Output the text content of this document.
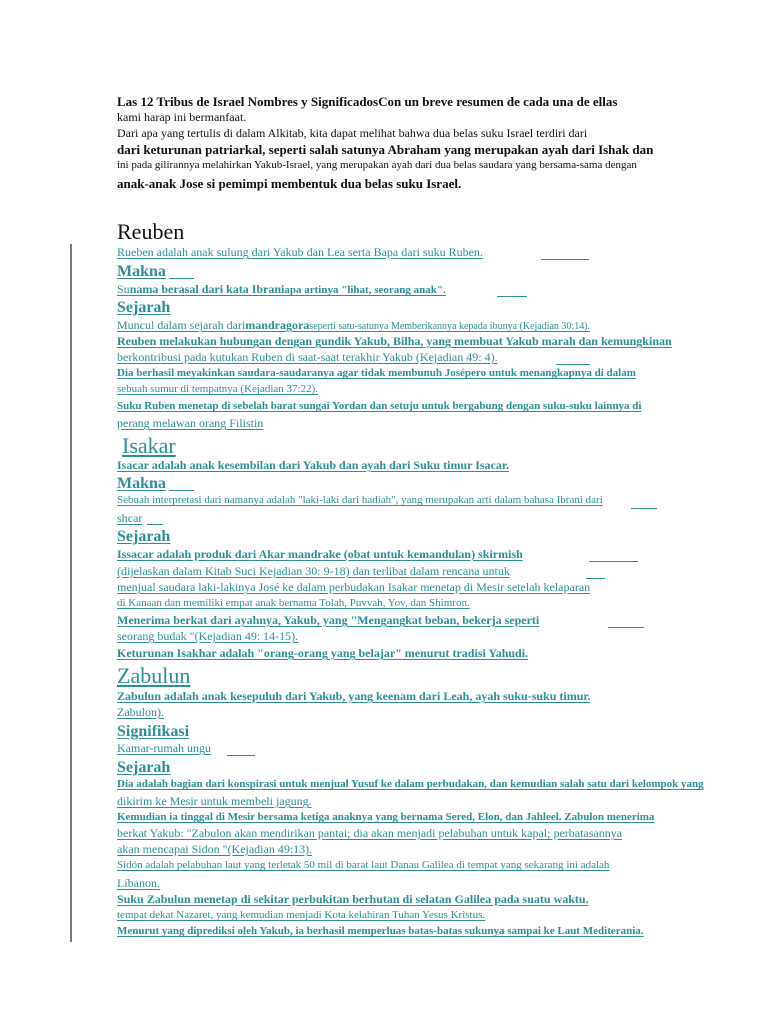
Las 12 Tribus de Israel Nombres y SignificadosCon un breve resumen de cada una de ellas
kami harap ini bermanfaat.
Dari apa yang tertulis di dalam Alkitab, kita dapat melihat bahwa dua belas suku Israel terdiri dari
dari keturunan patriarkal, seperti salah satunya Abraham yang merupakan ayah dari Ishak dan
ini pada gilirannya melahirkan Yakub-Israel, yang merupakan ayah dari dua belas saudara yang bersama-sama dengan
anak-anak Jose si pemimpi membentuk dua belas suku Israel.
Reuben
Rueben adalah anak sulung dari Yakub dan Lea serta Bapa dari suku Ruben.
Makna
Sunama berasal dari kata Ibraniapa artinya "lihat, seorang anak".
Sejarah
Muncul dalam sejarah darimandragoraseperti satu-satunya Memberikannya kepada ibunya (Kejadian 30:14).
Reuben melakukan hubungan dengan gundik Yakub, Bilha, yang membuat Yakub marah dan kemungkinan
berkontribusi pada kutukan Ruben di saat-saat terakhir Yakub (Kejadian 49: 4).
Dia berhasil meyakinkan saudara-saudaranya agar tidak membunuh Josépero untuk menangkapnya di dalam
sebuah sumur di tempatnya (Kejadian 37:22).
Suku Ruben menetap di sebelah barat sungai Yordan dan setuju untuk bergabung dengan suku-suku lainnya di
perang melawan orang Filistin
Isakar
Isacar adalah anak kesembilan dari Yakub dan ayah dari Suku timur Isacar.
Makna
Sebuah interpretasi dari namanya adalah "laki-laki dari hadiah", yang merupakan arti dalam bahasa Ibrani dari
shcar
Sejarah
Issacar adalah produk dari Akar mandrake (obat untuk kemandulan) skirmish
(dijelaskan dalam Kitab Suci Kejadian 30: 9-18) dan terlibat dalam rencana untuk
menjual saudara laki-lakinya José ke dalam perbudakan Isakar menetap di Mesir setelah kelaparan
di Kanaan dan memiliki empat anak bernama Tolah, Puvvah, Yov, dan Shimron.
Menerima berkat dari ayahnya, Yakub, yang "Mengangkat beban, bekerja seperti
seorang budak "(Kejadian 49: 14-15).
Keturunan Isakhar adalah "orang-orang yang belajar" menurut tradisi Yahudi.
Zabulun
Zabulun adalah anak kesepuluh dari Yakub, yang keenam dari Leah, ayah suku-suku timur.
Zabulon).
Signifikasi
Kamar-rumah ungu
Sejarah
Dia adalah bagian dari konspirasi untuk menjual Yusuf ke dalam perbudakan, dan kemudian salah satu dari kelompok yang
dikirim ke Mesir untuk membeli jagung.
Kemudian ia tinggal di Mesir bersama ketiga anaknya yang bernama Sered, Elon, dan Jahleel. Zabulon menerima
berkat Yakub: "Zabulon akan mendirikan pantai; dia akan menjadi pelabuhan untuk kapal; perbatasannya
akan mencapai Sidon "(Kejadian 49:13).
Sidón adalah pelabuhan laut yang terletak 50 mil di barat laut Danau Galilea di tempat yang sekarang ini adalah
Líbanon.
Suku Zabulun menetap di sekitar perbukitan berhutan di selatan Galilea pada suatu waktu.
tempat dekat Nazaret, yang kemudian menjadi Kota kelahiran Tuhan Yesus Kristus.
Menurut yang diprediksi oleh Yakub, ia berhasil memperluas batas-batas sukunya sampai ke Laut Mediterania.
